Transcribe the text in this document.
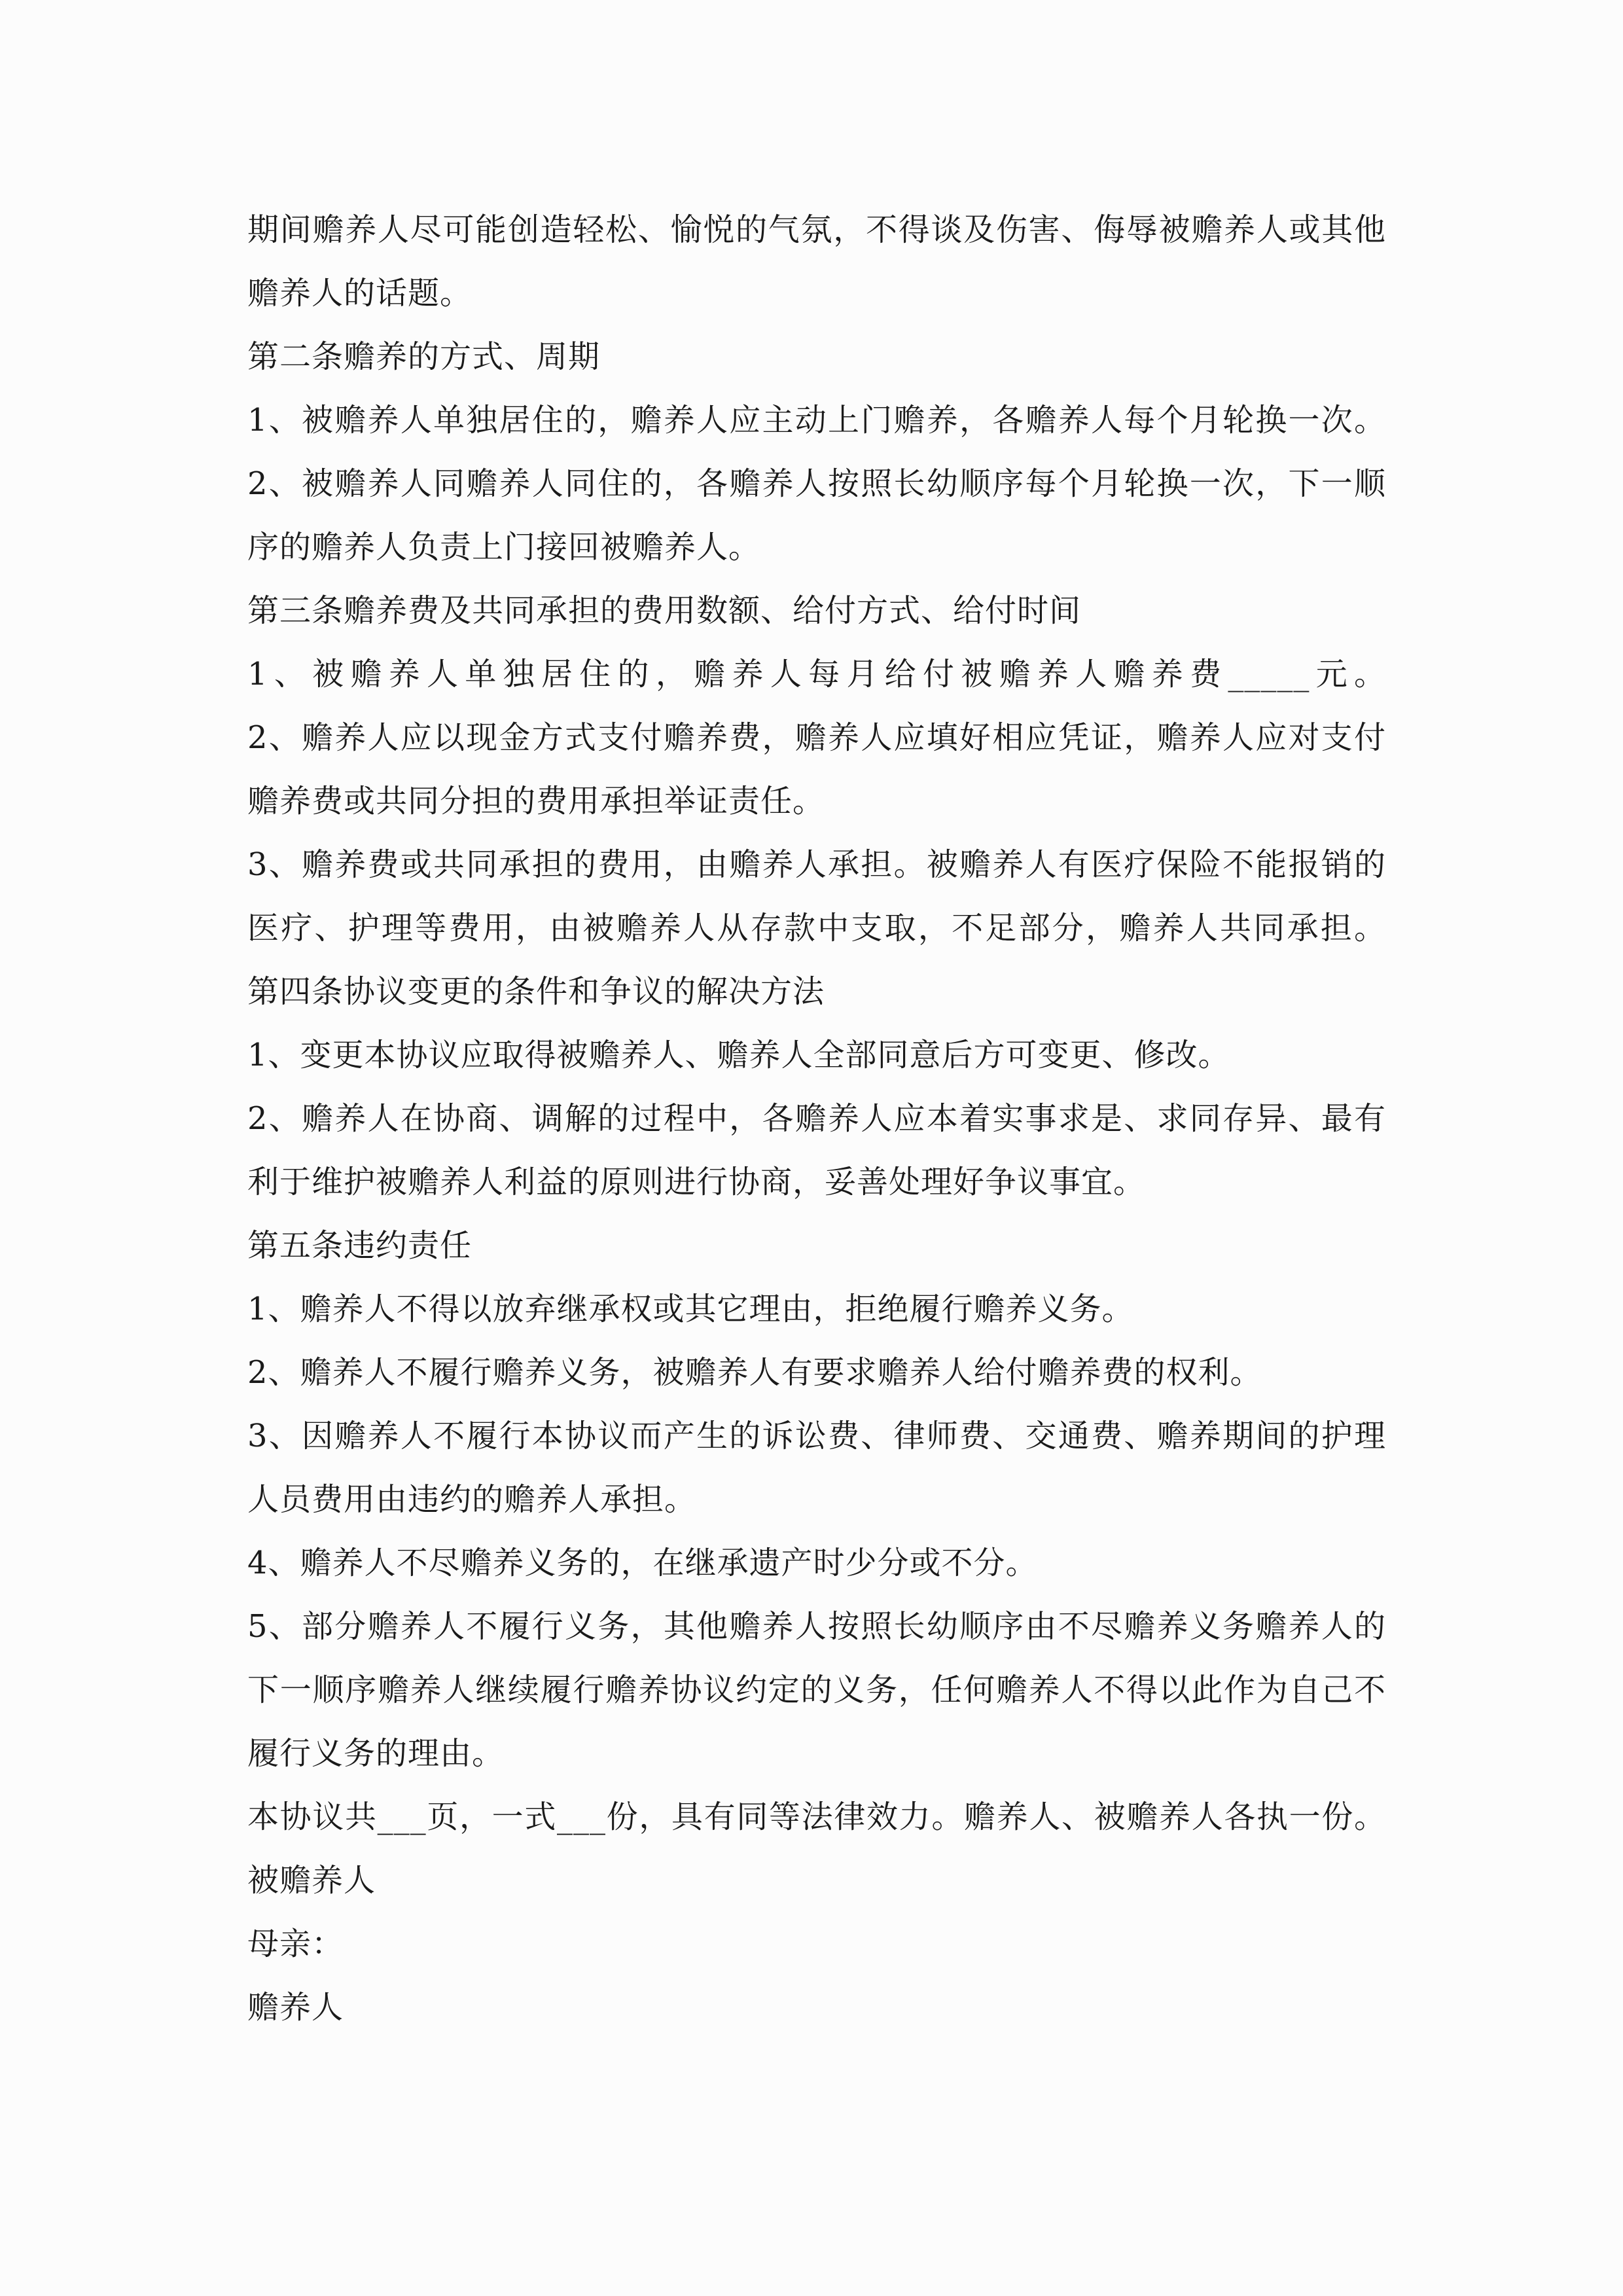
期间赡养人尽可能创造轻松、愉悦的气氛，不得谈及伤害、侮辱被赡养人或其他
赡养人的话题。
第二条赡养的方式、周期
1、被赡养人单独居住的，赡养人应主动上门赡养，各赡养人每个月轮换一次。
2、被赡养人同赡养人同住的，各赡养人按照长幼顺序每个月轮换一次，下一顺
序的赡养人负责上门接回被赡养人。
第三条赡养费及共同承担的费用数额、给付方式、给付时间
1、被赡养人单独居住的，赡养人每月给付被赡养人赡养费_____元。
2、赡养人应以现金方式支付赡养费，赡养人应填好相应凭证，赡养人应对支付
赡养费或共同分担的费用承担举证责任。
3、赡养费或共同承担的费用，由赡养人承担。被赡养人有医疗保险不能报销的
医疗、护理等费用，由被赡养人从存款中支取，不足部分，赡养人共同承担。
第四条协议变更的条件和争议的解决方法
1、变更本协议应取得被赡养人、赡养人全部同意后方可变更、修改。
2、赡养人在协商、调解的过程中，各赡养人应本着实事求是、求同存异、最有
利于维护被赡养人利益的原则进行协商，妥善处理好争议事宜。
第五条违约责任
1、赡养人不得以放弃继承权或其它理由，拒绝履行赡养义务。
2、赡养人不履行赡养义务，被赡养人有要求赡养人给付赡养费的权利。
3、因赡养人不履行本协议而产生的诉讼费、律师费、交通费、赡养期间的护理
人员费用由违约的赡养人承担。
4、赡养人不尽赡养义务的，在继承遗产时少分或不分。
5、部分赡养人不履行义务，其他赡养人按照长幼顺序由不尽赡养义务赡养人的
下一顺序赡养人继续履行赡养协议约定的义务，任何赡养人不得以此作为自己不
履行义务的理由。
本协议共___页，一式___份，具有同等法律效力。赡养人、被赡养人各执一份。
被赡养人
母亲：
赡养人
